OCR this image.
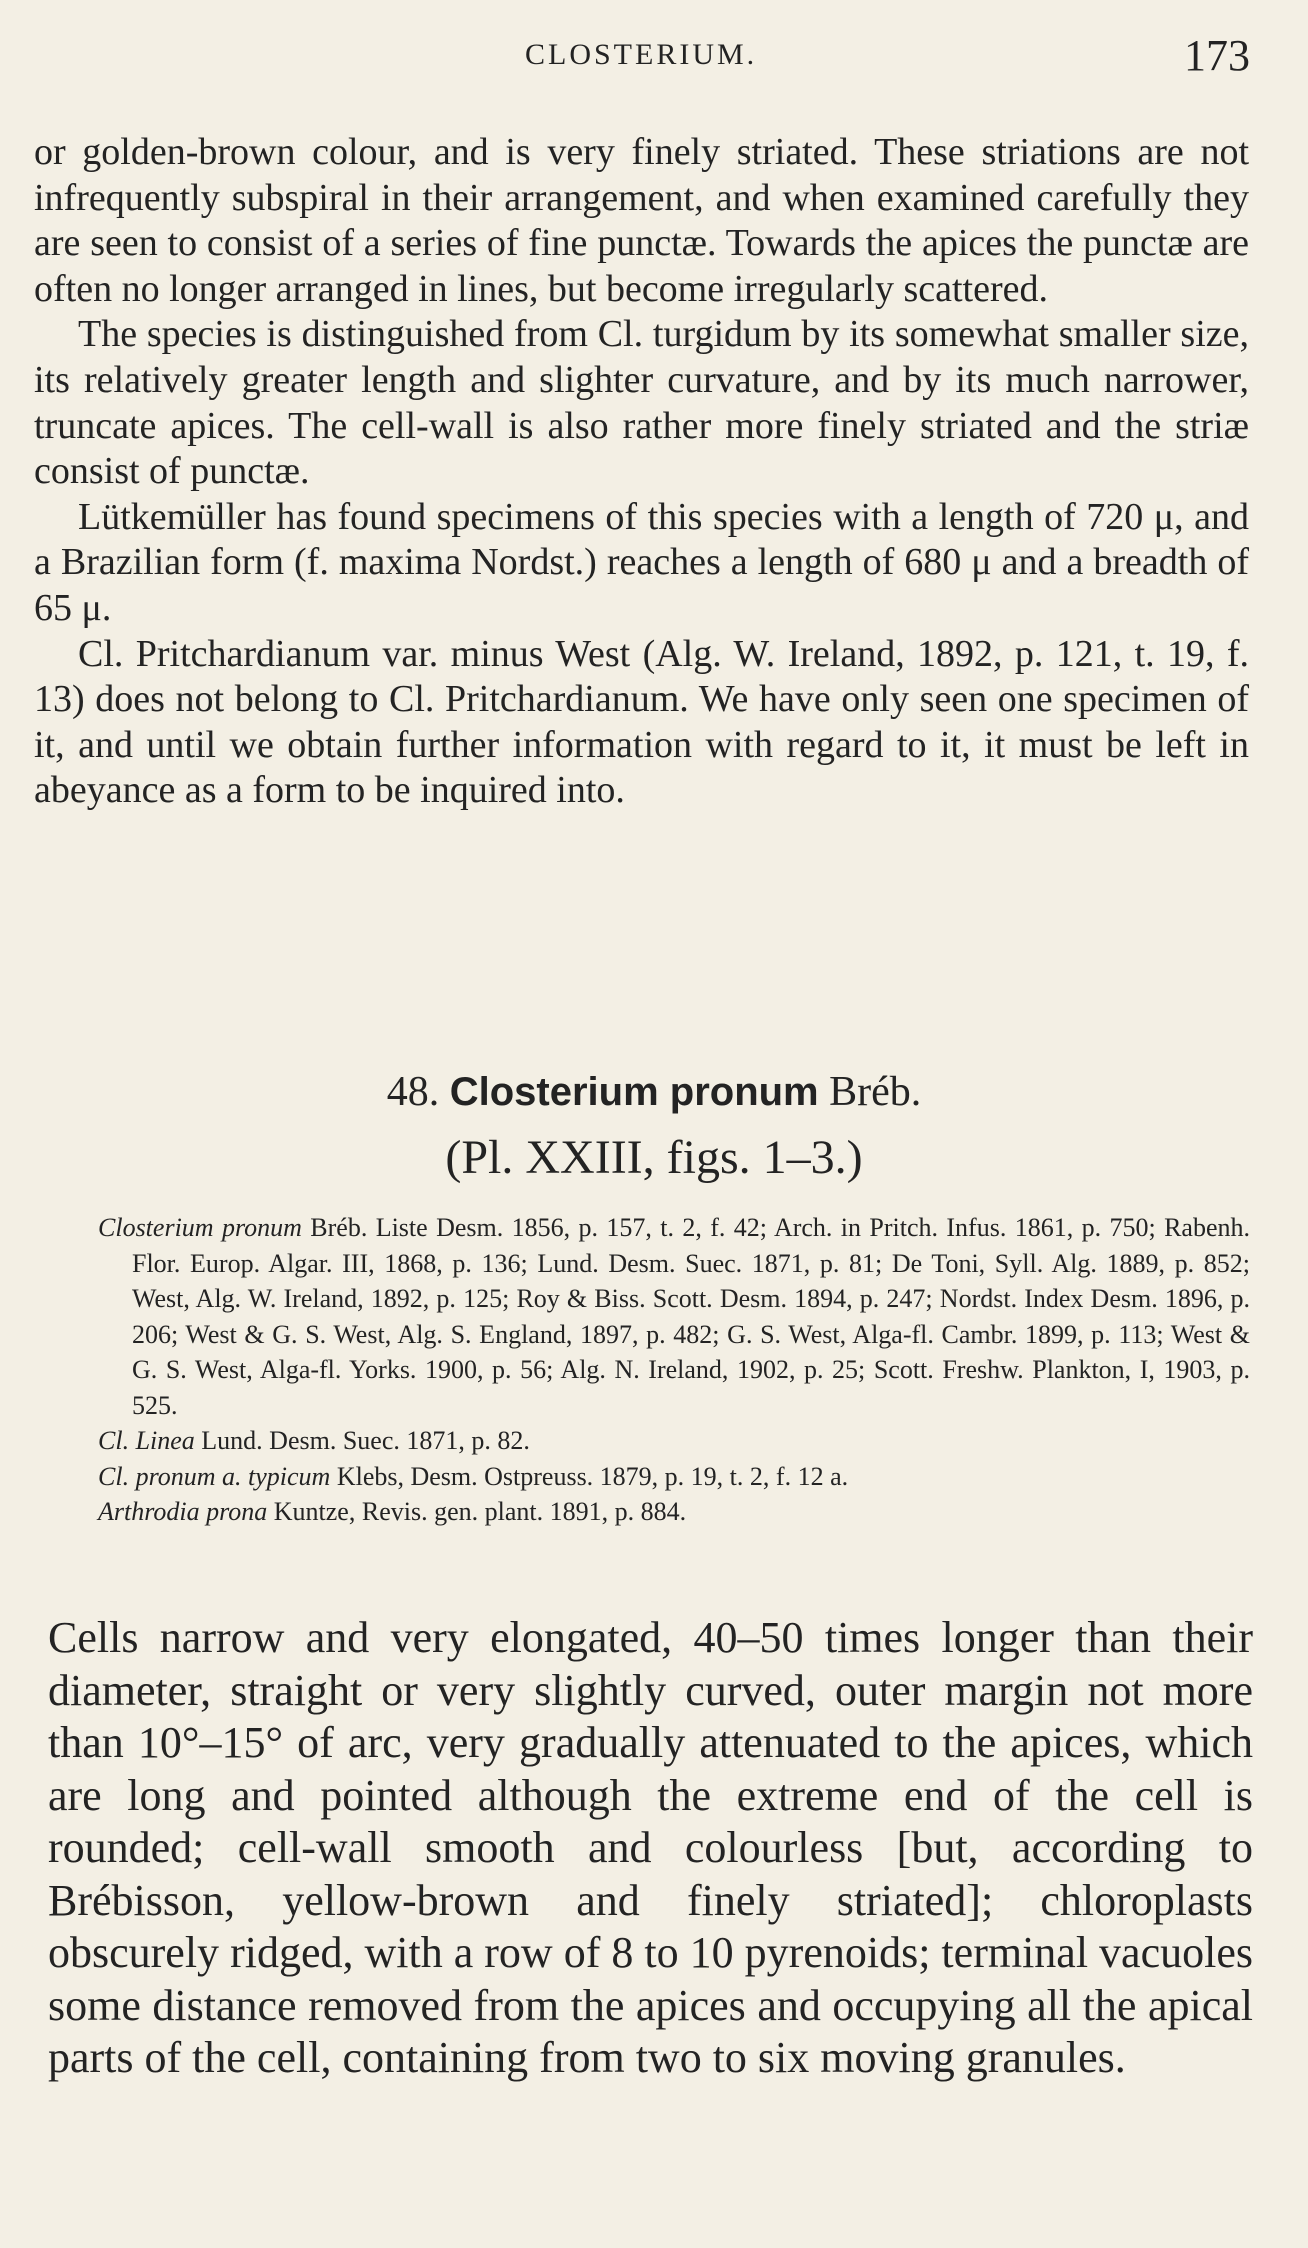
CLOSTERIUM.	173

or golden-brown colour, and is very finely striated. These striations are not infrequently subspiral in their arrangement, and when examined carefully they are seen to consist of a series of fine punctæ. Towards the apices the punctæ are often no longer arranged in lines, but become irregularly scattered.

The species is distinguished from Cl. turgidum by its somewhat smaller size, its relatively greater length and slighter curvature, and by its much narrower, truncate apices. The cell-wall is also rather more finely striated and the striæ consist of punctæ.

Lütkemüller has found specimens of this species with a length of 720 μ, and a Brazilian form (f. maxima Nordst.) reaches a length of 680 μ and a breadth of 65 μ.

Cl. Pritchardianum var. minus West (Alg. W. Ireland, 1892, p. 121, t. 19, f. 13) does not belong to Cl. Pritchardianum. We have only seen one specimen of it, and until we obtain further information with regard to it, it must be left in abeyance as a form to be inquired into.

48. Closterium pronum Bréb.
(Pl. XXIII, figs. 1–3.)

Closterium pronum Bréb. Liste Desm. 1856, p. 157, t. 2, f. 42; Arch. in Pritch. Infus. 1861, p. 750; Rabenh. Flor. Europ. Algar. III, 1868, p. 136; Lund. Desm. Suec. 1871, p. 81; De Toni, Syll. Alg. 1889, p. 852; West, Alg. W. Ireland, 1892, p. 125; Roy & Biss. Scott. Desm. 1894, p. 247; Nordst. Index Desm. 1896, p. 206; West & G. S. West, Alg. S. England, 1897, p. 482; G. S. West, Alga-fl. Cambr. 1899, p. 113; West & G. S. West, Alga-fl. Yorks. 1900, p. 56; Alg. N. Ireland, 1902, p. 25; Scott. Freshw. Plankton, I, 1903, p. 525.

Cl. Linea Lund. Desm. Suec. 1871, p. 82.

Cl. pronum a. typicum Klebs, Desm. Ostpreuss. 1879, p. 19, t. 2, f. 12 a.

Arthrodia prona Kuntze, Revis. gen. plant. 1891, p. 884.

Cells narrow and very elongated, 40–50 times longer than their diameter, straight or very slightly curved, outer margin not more than 10°–15° of arc, very gradually attenuated to the apices, which are long and pointed although the extreme end of the cell is rounded; cell-wall smooth and colourless [but, according to Brébisson, yellow-brown and finely striated]; chloroplasts obscurely ridged, with a row of 8 to 10 pyrenoids; terminal vacuoles some distance removed from the apices and occupying all the apical parts of the cell, containing from two to six moving granules.
